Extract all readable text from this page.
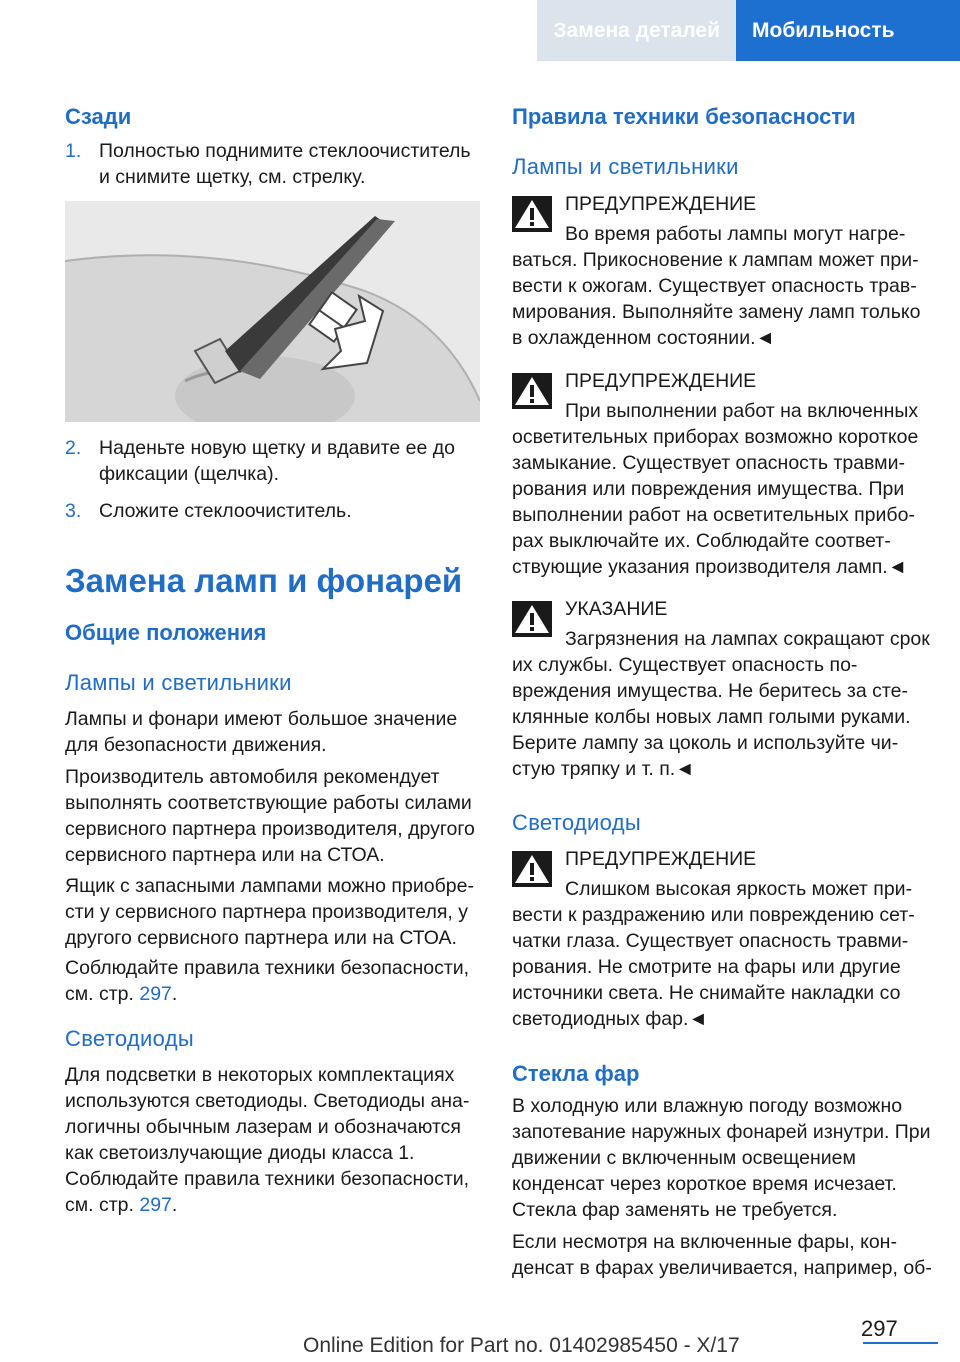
Замена деталей	Мобильность
Сзади
1. Полностью поднимите стеклоочиститель и снимите щетку, см. стрелку.
2. Наденьте новую щетку и вдавите ее до фиксации (щелчка).
3. Сложите стеклоочиститель.
Замена ламп и фонарей
Общие положения
Лампы и светильники
Лампы и фонари имеют большое значение для безопасности движения.
Производитель автомобиля рекомендует выполнять соответствующие работы силами сервисного партнера производителя, другого сервисного партнера или на СТОА.
Ящик с запасными лампами можно приобрести у сервисного партнера производителя, у другого сервисного партнера или на СТОА.
Соблюдайте правила техники безопасности, см. стр. 297.
Светодиоды
Для подсветки в некоторых комплектациях используются светодиоды. Светодиоды аналогичны обычным лазерам и обозначаются как светоизлучающие диоды класса 1.
Соблюдайте правила техники безопасности, см. стр. 297.
Правила техники безопасности
Лампы и светильники
ПРЕДУПРЕЖДЕНИЕ
Во время работы лампы могут нагреваться. Прикосновение к лампам может привести к ожогам. Существует опасность травмирования. Выполняйте замену ламп только в охлажденном состоянии.◄
ПРЕДУПРЕЖДЕНИЕ
При выполнении работ на включенных осветительных приборах возможно короткое замыкание. Существует опасность травмирования или повреждения имущества. При выполнении работ на осветительных приборах выключайте их. Соблюдайте соответствующие указания производителя ламп.◄
УКАЗАНИЕ
Загрязнения на лампах сокращают срок их службы. Существует опасность повреждения имущества. Не беритесь за стеклянные колбы новых ламп голыми руками. Берите лампу за цоколь и используйте чистую тряпку и т. п.◄
Светодиоды
ПРЕДУПРЕЖДЕНИЕ
Слишком высокая яркость может привести к раздражению или повреждению сетчатки глаза. Существует опасность травмирования. Не смотрите на фары или другие источники света. Не снимайте накладки со светодиодных фар.◄
Стекла фар
В холодную или влажную погоду возможно запотевание наружных фонарей изнутри. При движении с включенным освещением конденсат через короткое время исчезает. Стекла фар заменять не требуется.
Если несмотря на включенные фары, конденсат в фарах увеличивается, например, об-
297
Online Edition for Part no. 01402985450 - X/17
